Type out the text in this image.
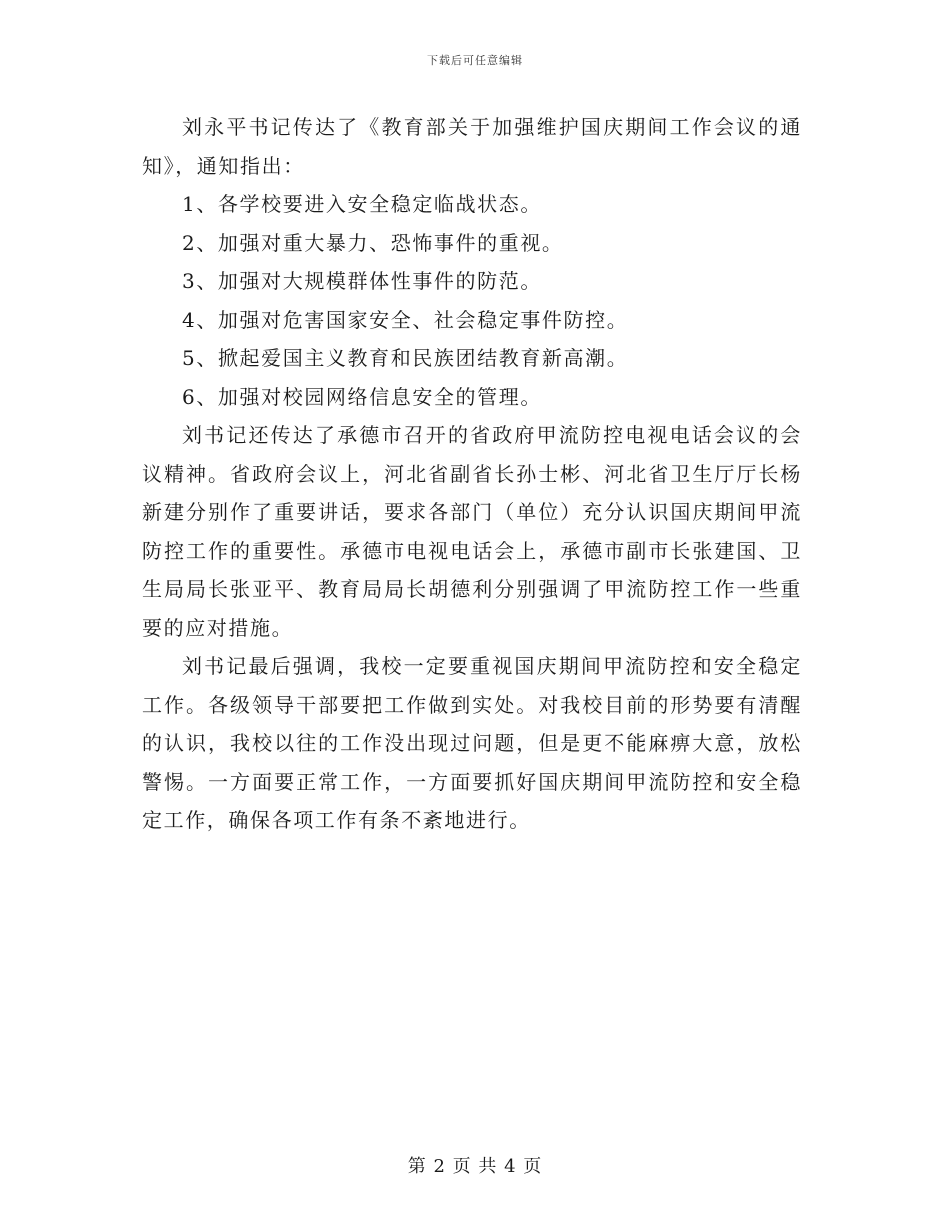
下载后可任意编辑

刘永平书记传达了《教育部关于加强维护国庆期间工作会议的通知》，通知指出：

1、各学校要进入安全稳定临战状态。

2、加强对重大暴力、恐怖事件的重视。

3、加强对大规模群体性事件的防范。

4、加强对危害国家安全、社会稳定事件防控。

5、掀起爱国主义教育和民族团结教育新高潮。

6、加强对校园网络信息安全的管理。

刘书记还传达了承德市召开的省政府甲流防控电视电话会议的会议精神。省政府会议上，河北省副省长孙士彬、河北省卫生厅厅长杨新建分别作了重要讲话，要求各部门（单位）充分认识国庆期间甲流防控工作的重要性。承德市电视电话会上，承德市副市长张建国、卫生局局长张亚平、教育局局长胡德利分别强调了甲流防控工作一些重要的应对措施。

刘书记最后强调，我校一定要重视国庆期间甲流防控和安全稳定工作。各级领导干部要把工作做到实处。对我校目前的形势要有清醒的认识，我校以往的工作没出现过问题，但是更不能麻痹大意，放松警惕。一方面要正常工作，一方面要抓好国庆期间甲流防控和安全稳定工作，确保各项工作有条不紊地进行。

第 2 页 共 4 页
